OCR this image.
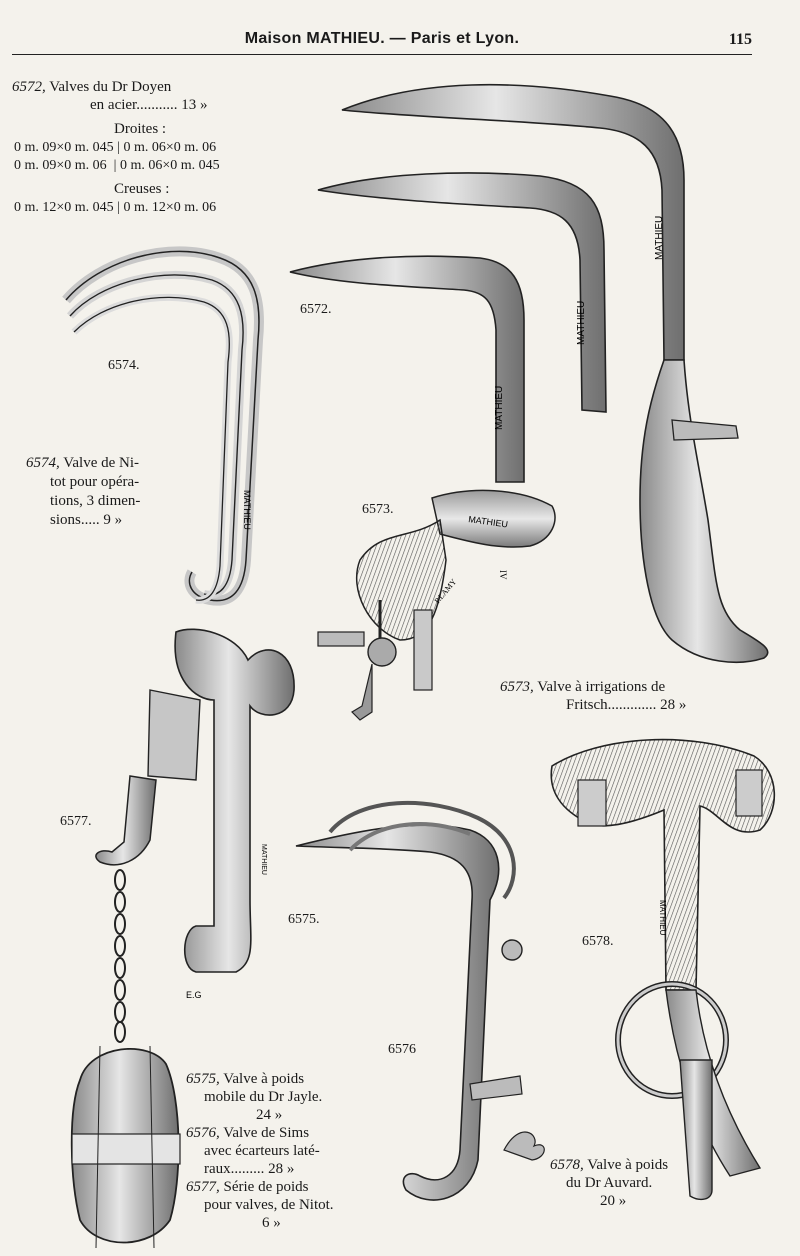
Maison MATHIEU. — Paris et Lyon.	115
MATHIEU
MATHIEU
MATHIEU
MATHIEU	MATHIEU
P.LAMY
IV
MATHIEU
E.G
MATHIEU
6572, Valves du Dr Doyen
en acier........... 13 »
Droites :
0 m. 09×0 m. 045 | 0 m. 06×0 m. 06
0 m. 09×0 m. 06  | 0 m. 06×0 m. 045
Creuses :
0 m. 12×0 m. 045 | 0 m. 12×0 m. 06
6574, Valve de Ni-
tot pour opéra-
tions, 3 dimen-
sions..... 9 »
6573, Valve à irrigations de
Fritsch............. 28 »
6575, Valve à poids
mobile du Dr Jayle.
24 »
6576, Valve de Sims
avec écarteurs laté-
raux......... 28 »
6577, Série de poids
pour valves, de Nitot.
6 »
6578, Valve à poids
du Dr Auvard.
20 »
6572.
6574.
6573.
6577.
6575.
6576
6578.
